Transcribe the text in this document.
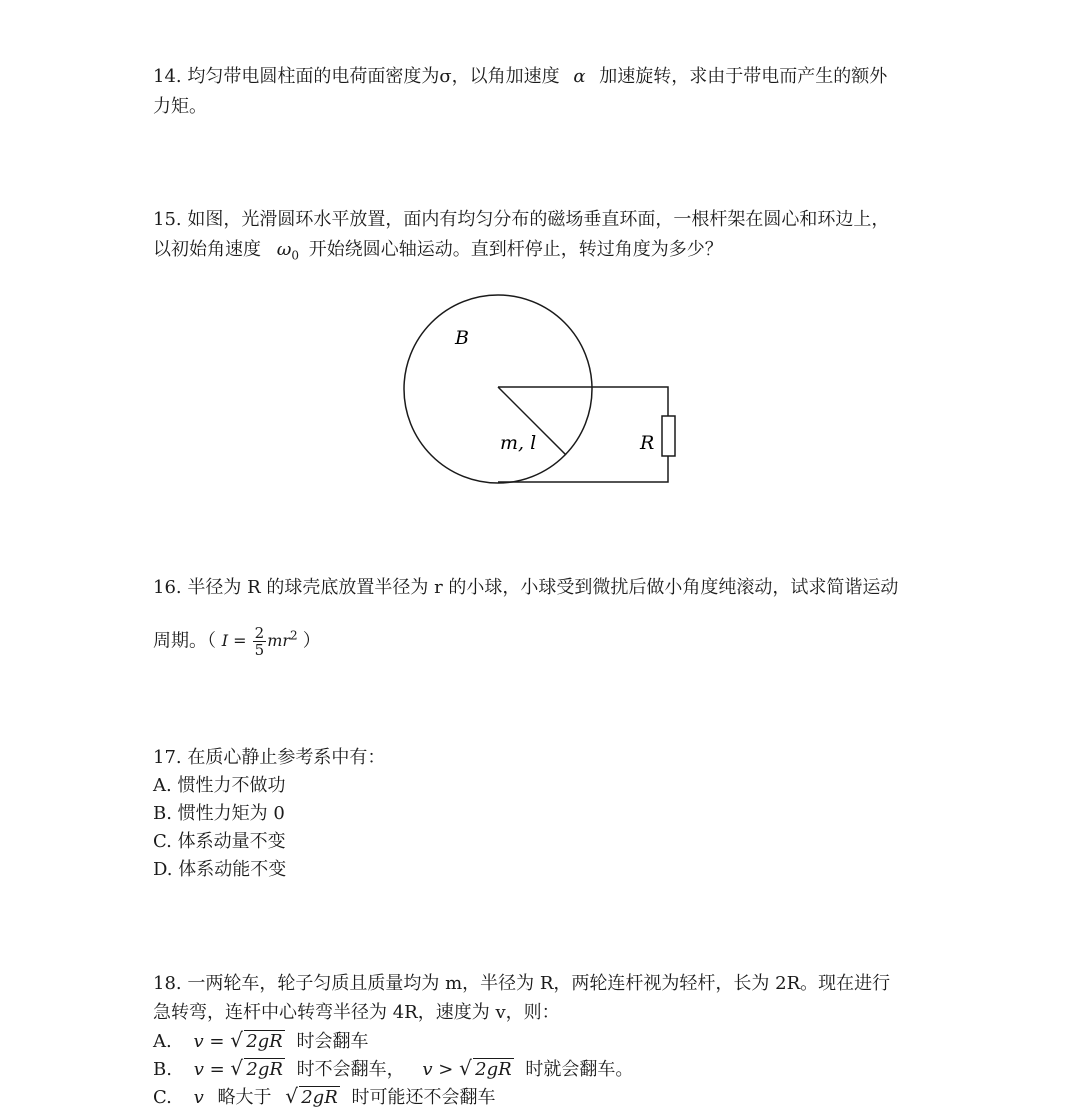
14. 均匀带电圆柱面的电荷面密度为σ，以角加速度 α 加速旋转，求由于带电而产生的额外
力矩。
15. 如图，光滑圆环水平放置，面内有均匀分布的磁场垂直环面，一根杆架在圆心和环边上，
以初始角速度 $\omega_0$ 开始绕圆心轴运动。直到杆停止，转过角度为多少？
B
m, l	R
16. 半径为 R 的球壳底放置半径为 r 的小球，小球受到微扰后做小角度纯滚动，试求简谐运动
周期。（ $I = \frac{2}{5} mr^2$ ）
17. 在质心静止参考系中有：
A. 惯性力不做功
B. 惯性力矩为 0
C. 体系动量不变
D. 体系动能不变
18. 一两轮车，轮子匀质且质量均为 m，半径为 R，两轮连杆视为轻杆，长为 2R。现在进行
急转弯，连杆中心转弯半径为 4R，速度为 v，则：
A. v = √ 2gR 时会翻车
B. v = √ 2gR 时不会翻车， v > √ 2gR 时就会翻车。
C. v 略大于 √ 2gR 时可能还不会翻车
